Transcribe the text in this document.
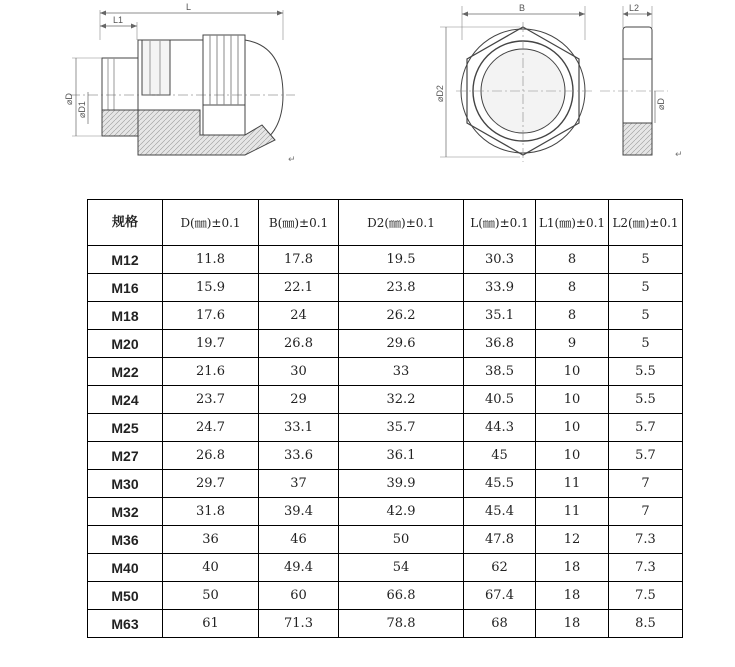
L
L1
⌀D
⌀D1
↵
B
⌀D2
L2
⌀D
↵
规格	D(㎜)±0.1	B(㎜)±0.1	D2(㎜)±0.1	L(㎜)±0.1	L1(㎜)±0.1	L2(㎜)±0.1
M12	11.8	17.8	19.5	30.3	8	5
M16	15.9	22.1	23.8	33.9	8	5
M18	17.6	24	26.2	35.1	8	5
M20	19.7	26.8	29.6	36.8	9	5
M22	21.6	30	33	38.5	10	5.5
M24	23.7	29	32.2	40.5	10	5.5
M25	24.7	33.1	35.7	44.3	10	5.7
M27	26.8	33.6	36.1	45	10	5.7
M30	29.7	37	39.9	45.5	11	7
M32	31.8	39.4	42.9	45.4	11	7
M36	36	46	50	47.8	12	7.3
M40	40	49.4	54	62	18	7.3
M50	50	60	66.8	67.4	18	7.5
M63	61	71.3	78.8	68	18	8.5
